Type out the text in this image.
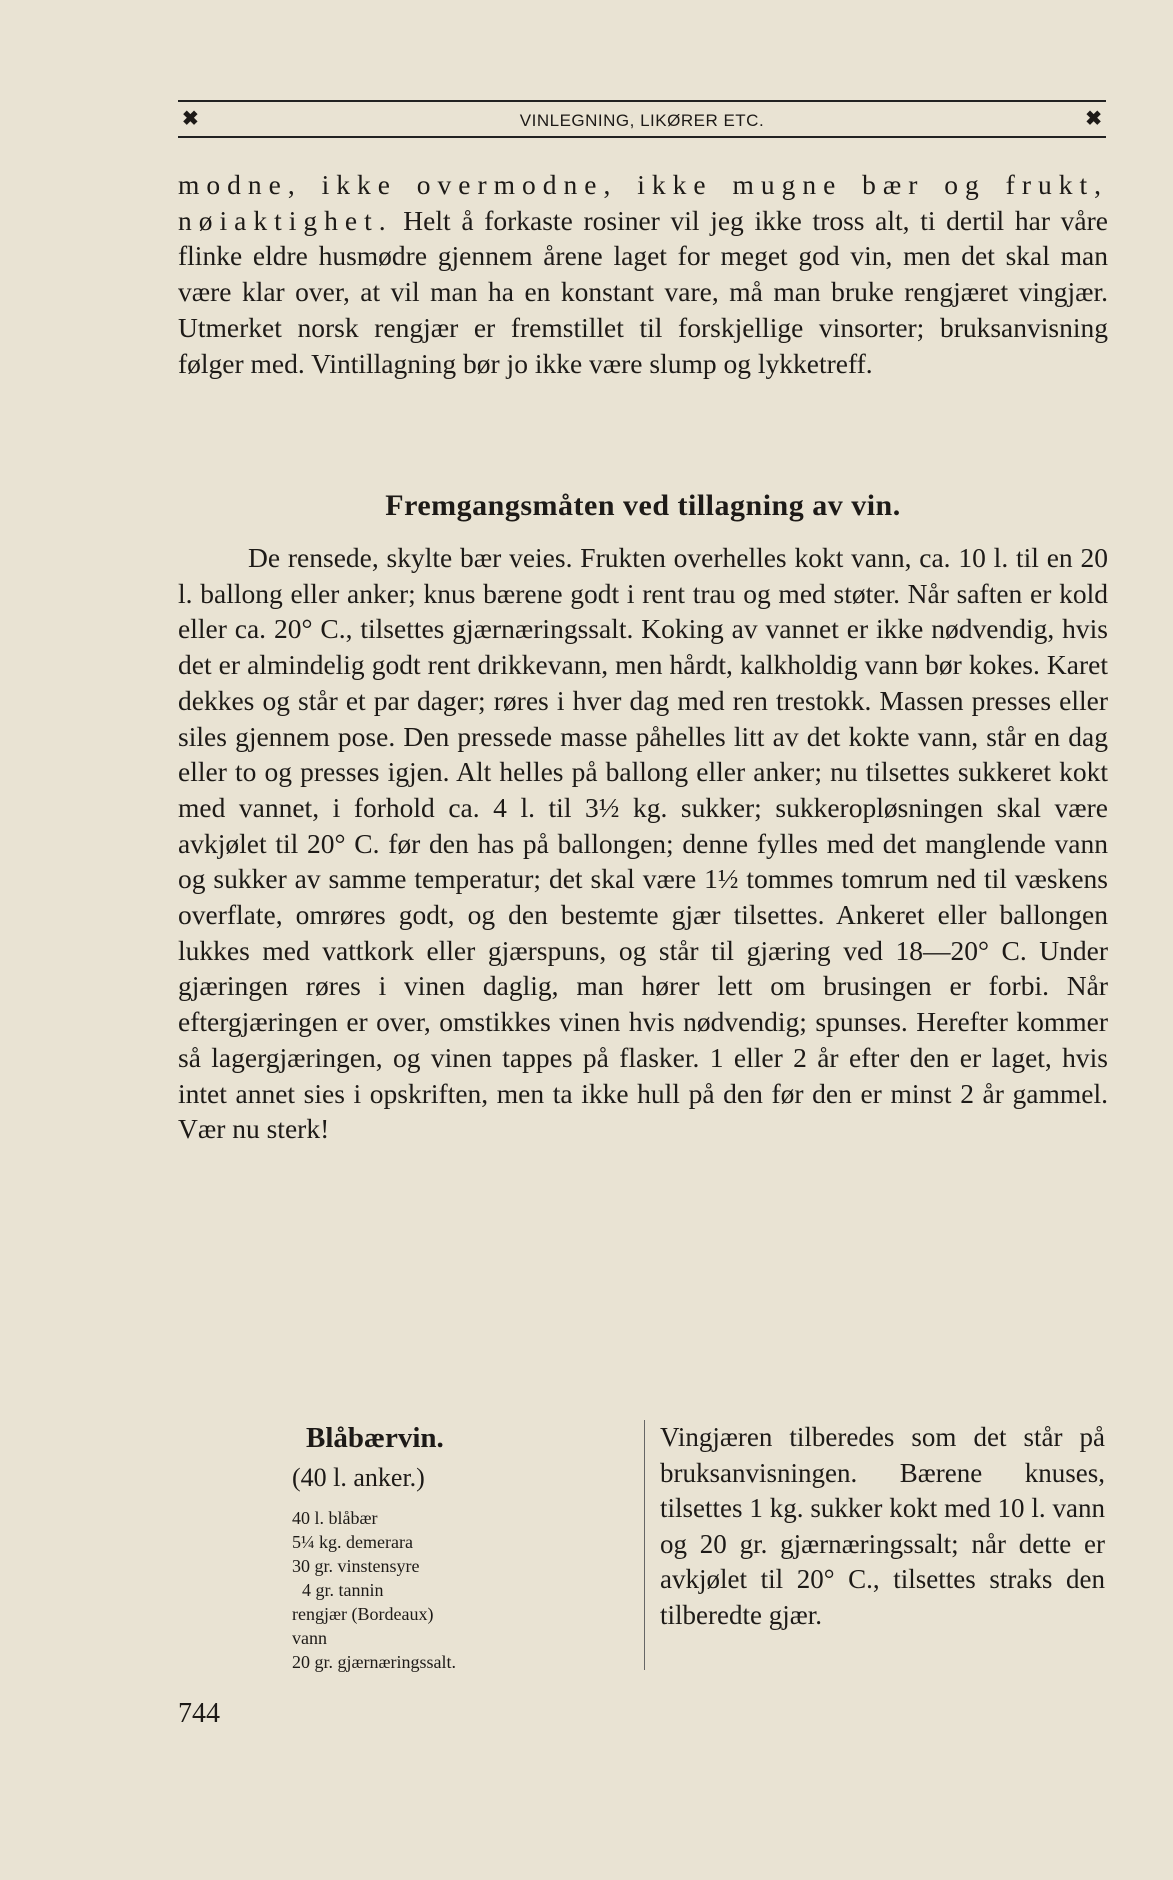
✖	VINLEGNING, LIKØRER ETC.	✖

modne, ikke overmodne, ikke mugne bær og frukt, nøiaktighet. Helt å forkaste rosiner vil jeg ikke tross alt, ti dertil har våre flinke eldre husmødre gjennem årene laget for meget god vin, men det skal man være klar over, at vil man ha en konstant vare, må man bruke rengjæret vingjær. Utmerket norsk rengjær er fremstillet til forskjellige vinsorter; bruksanvisning følger med. Vintillagning bør jo ikke være slump og lykketreff.

Fremgangsmåten ved tillagning av vin.

De rensede, skylte bær veies. Frukten overhelles kokt vann, ca. 10 l. til en 20 l. ballong eller anker; knus bærene godt i rent trau og med støter. Når saften er kold eller ca. 20° C., tilsettes gjærnæringssalt. Koking av vannet er ikke nødvendig, hvis det er almindelig godt rent drikkevann, men hårdt, kalkholdig vann bør kokes. Karet dekkes og står et par dager; røres i hver dag med ren trestokk. Massen presses eller siles gjennem pose. Den pressede masse påhelles litt av det kokte vann, står en dag eller to og presses igjen. Alt helles på ballong eller anker; nu tilsettes sukkeret kokt med vannet, i forhold ca. 4 l. til 3½ kg. sukker; sukkeropløsningen skal være avkjølet til 20° C. før den has på ballongen; denne fylles med det manglende vann og sukker av samme temperatur; det skal være 1½ tommes tomrum ned til væskens overflate, omrøres godt, og den bestemte gjær tilsettes. Ankeret eller ballongen lukkes med vattkork eller gjærspuns, og står til gjæring ved 18—20° C. Under gjæringen røres i vinen daglig, man hører lett om brusingen er forbi. Når eftergjæringen er over, omstikkes vinen hvis nødvendig; spunses. Herefter kommer så lagergjæringen, og vinen tappes på flasker. 1 eller 2 år efter den er laget, hvis intet annet sies i opskriften, men ta ikke hull på den før den er minst 2 år gammel. Vær nu sterk!

Blåbærvin.
(40 l. anker.)
40 l. blåbær
5¼ kg. demerara
30 gr. vinstensyre
4 gr. tannin
rengjær (Bordeaux)
vann
20 gr. gjærnæringssalt.
Vingjæren tilberedes som det står på bruksanvisningen. Bærene knuses, tilsettes 1 kg. sukker kokt med 10 l. vann og 20 gr. gjærnæringssalt; når dette er avkjølet til 20° C., tilsettes straks den tilberedte gjær.
744
